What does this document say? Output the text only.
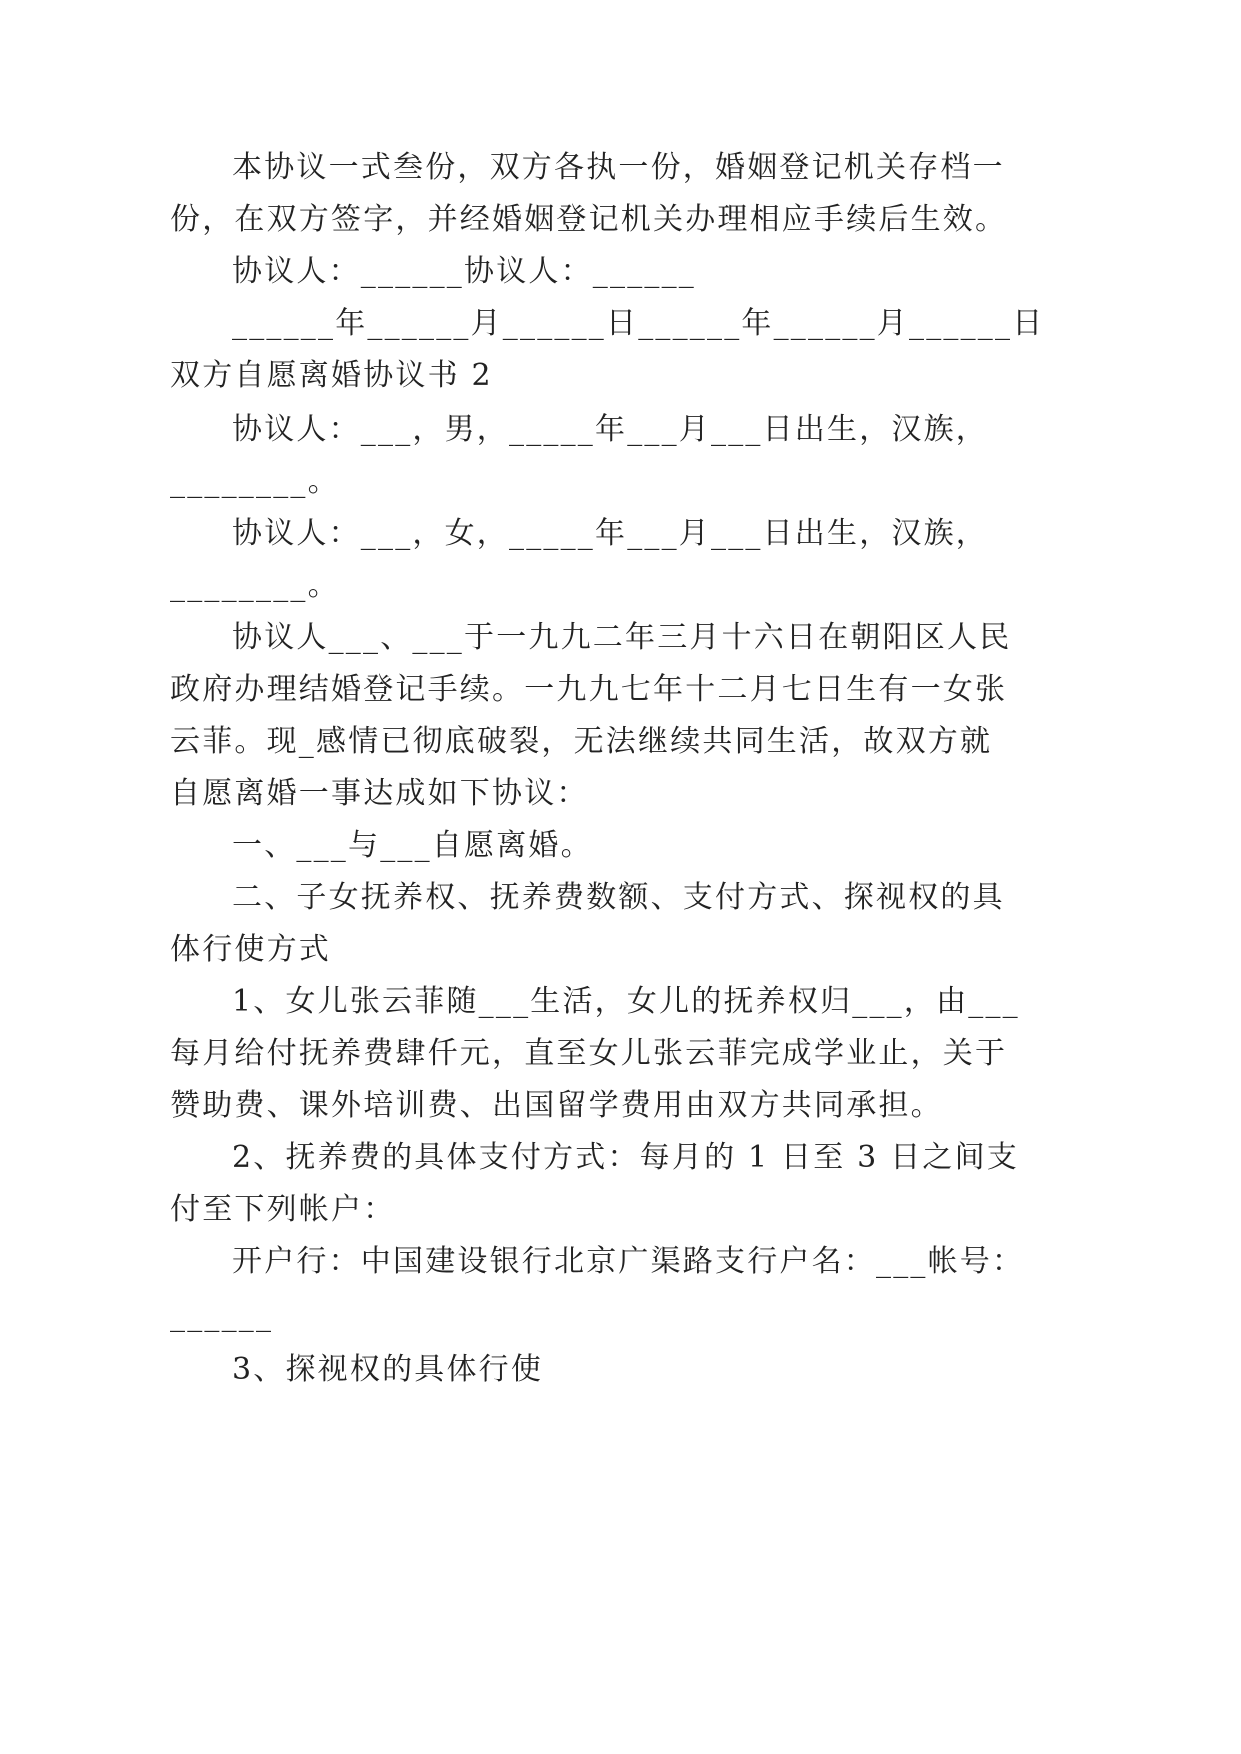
本协议一式叁份，双方各执一份，婚姻登记机关存档一
份，在双方签字，并经婚姻登记机关办理相应手续后生效。
协议人：______协议人：______
______年______月______日______年______月______日
双方自愿离婚协议书 2
协议人：___，男，_____年___月___日出生，汉族，
________。
协议人：___，女，_____年___月___日出生，汉族，
________。
协议人___、___于一九九二年三月十六日在朝阳区人民
政府办理结婚登记手续。一九九七年十二月七日生有一女张
云菲。现_感情已彻底破裂，无法继续共同生活，故双方就
自愿离婚一事达成如下协议：
一、___与___自愿离婚。
二、子女抚养权、抚养费数额、支付方式、探视权的具
体行使方式
1、女儿张云菲随___生活，女儿的抚养权归___，由___
每月给付抚养费肆仟元，直至女儿张云菲完成学业止，关于
赞助费、课外培训费、出国留学费用由双方共同承担。
2、抚养费的具体支付方式：每月的 1 日至 3 日之间支
付至下列帐户：
开户行：中国建设银行北京广渠路支行户名：___帐号：
______
3、探视权的具体行使
